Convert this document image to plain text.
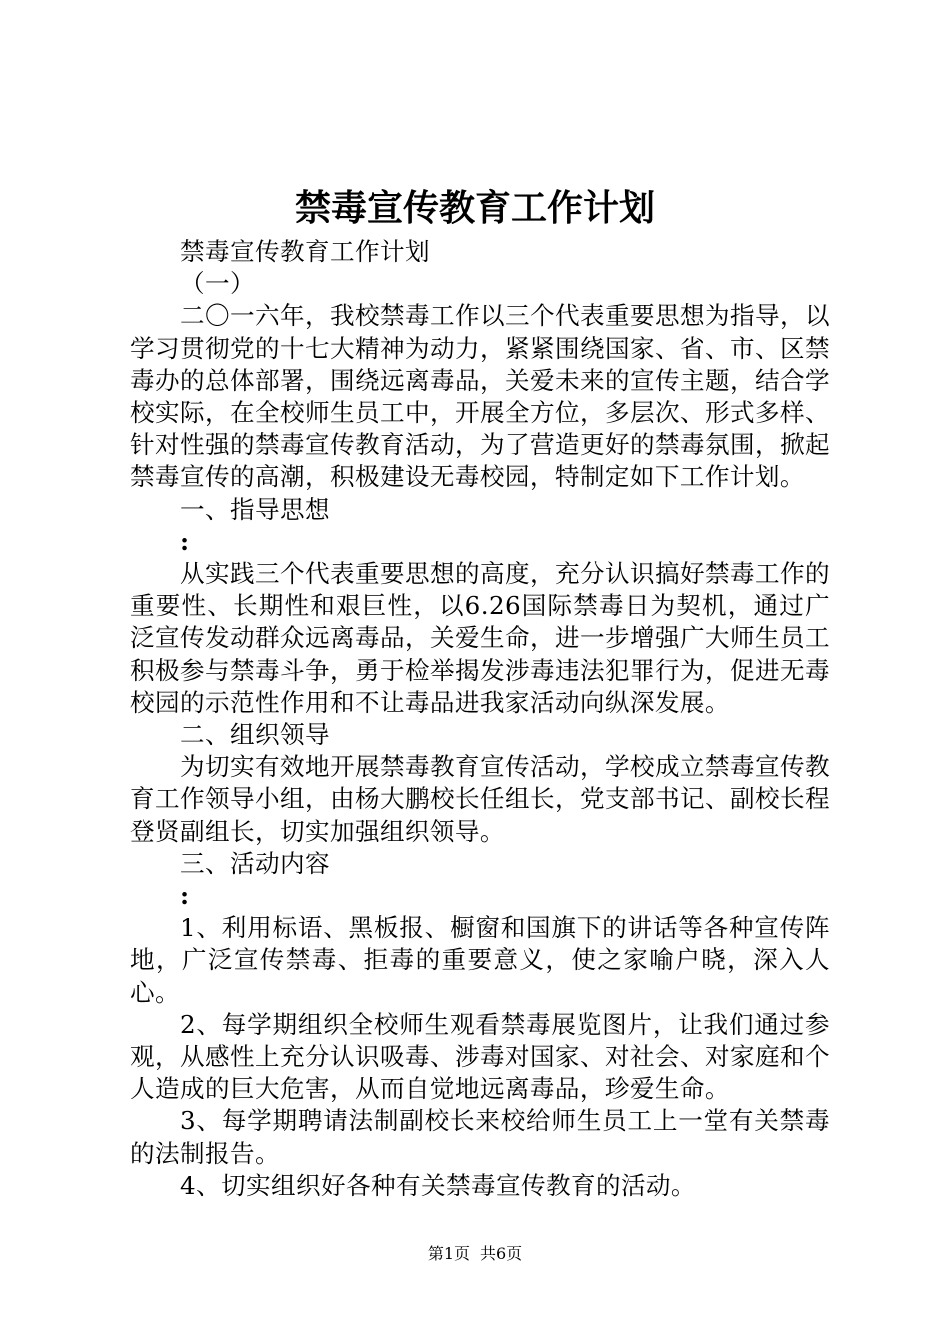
禁毒宣传教育工作计划

禁毒宣传教育工作计划

（一）

二〇一六年，我校禁毒工作以三个代表重要思想为指导，以学习贯彻党的十七大精神为动力，紧紧围绕国家、省、市、区禁毒办的总体部署，围绕远离毒品，关爱未来的宣传主题，结合学校实际，在全校师生员工中，开展全方位，多层次、形式多样、针对性强的禁毒宣传教育活动，为了营造更好的禁毒氛围，掀起禁毒宣传的高潮，积极建设无毒校园，特制定如下工作计划。

一、指导思想

:

从实践三个代表重要思想的高度，充分认识搞好禁毒工作的重要性、长期性和艰巨性，以6.26国际禁毒日为契机，通过广泛宣传发动群众远离毒品，关爱生命，进一步增强广大师生员工积极参与禁毒斗争，勇于检举揭发涉毒违法犯罪行为，促进无毒校园的示范性作用和不让毒品进我家活动向纵深发展。

二、组织领导

为切实有效地开展禁毒教育宣传活动，学校成立禁毒宣传教育工作领导小组，由杨大鹏校长任组长，党支部书记、副校长程登贤副组长，切实加强组织领导。

三、活动内容

:

1、利用标语、黑板报、橱窗和国旗下的讲话等各种宣传阵地，广泛宣传禁毒、拒毒的重要意义，使之家喻户晓，深入人心。

2、每学期组织全校师生观看禁毒展览图片，让我们通过参观，从感性上充分认识吸毒、涉毒对国家、对社会、对家庭和个人造成的巨大危害，从而自觉地远离毒品，珍爱生命。

3、每学期聘请法制副校长来校给师生员工上一堂有关禁毒的法制报告。

4、切实组织好各种有关禁毒宣传教育的活动。

第1页 共6页
